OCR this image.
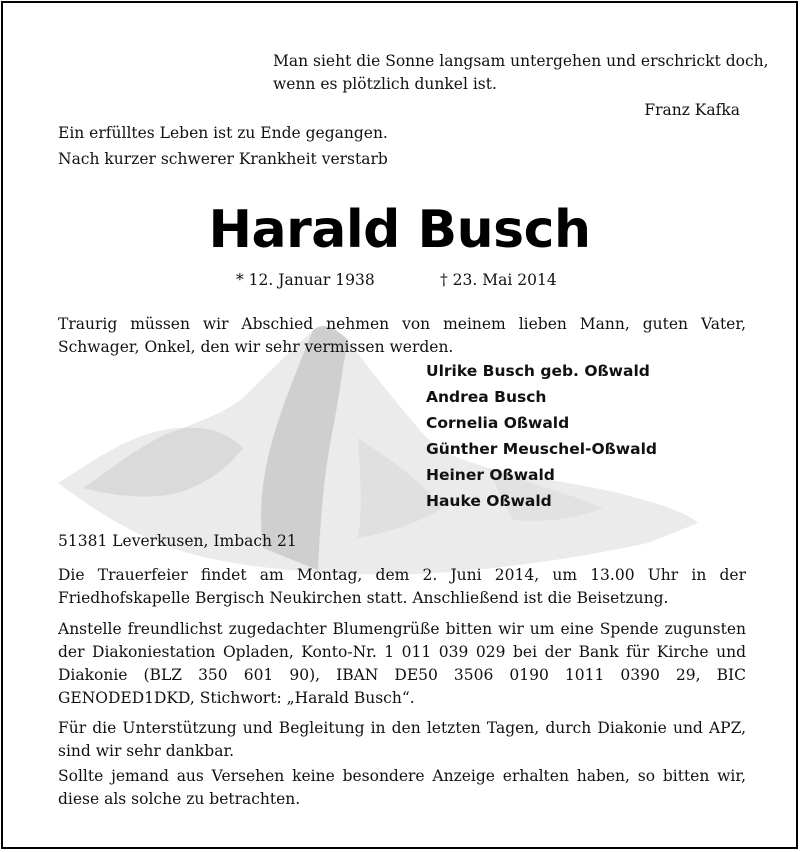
Man sieht die Sonne langsam untergehen und erschrickt doch,
wenn es plötzlich dunkel ist.

Franz Kafka

Ein erfülltes Leben ist zu Ende gegangen.

Nach kurzer schwerer Krankheit verstarb

Harald Busch

* 12. Januar 1938	† 23. Mai 2014

Traurig müssen wir Abschied nehmen von meinem lieben Mann, guten Vater, Schwager, Onkel, den wir sehr vermissen werden.

Ulrike Busch geb. Oßwald
Andrea Busch
Cornelia Oßwald
Günther Meuschel-Oßwald
Heiner Oßwald
Hauke Oßwald

51381 Leverkusen, Imbach 21

Die Trauerfeier findet am Montag, dem 2. Juni 2014, um 13.00 Uhr in der Friedhofskapelle Bergisch Neukirchen statt. Anschließend ist die Beisetzung.

Anstelle freundlichst zugedachter Blumengrüße bitten wir um eine Spende zugunsten der Diakoniestation Opladen, Konto-Nr. 1 011 039 029 bei der Bank für Kirche und Diakonie (BLZ 350 601 90), IBAN DE50 3506 0190 1011 0390 29, BIC GENODED1DKD, Stichwort: „Harald Busch“.

Für die Unterstützung und Begleitung in den letzten Tagen, durch Diakonie und APZ, sind wir sehr dankbar.

Sollte jemand aus Versehen keine besondere Anzeige erhalten haben, so bitten wir, diese als solche zu betrachten.
